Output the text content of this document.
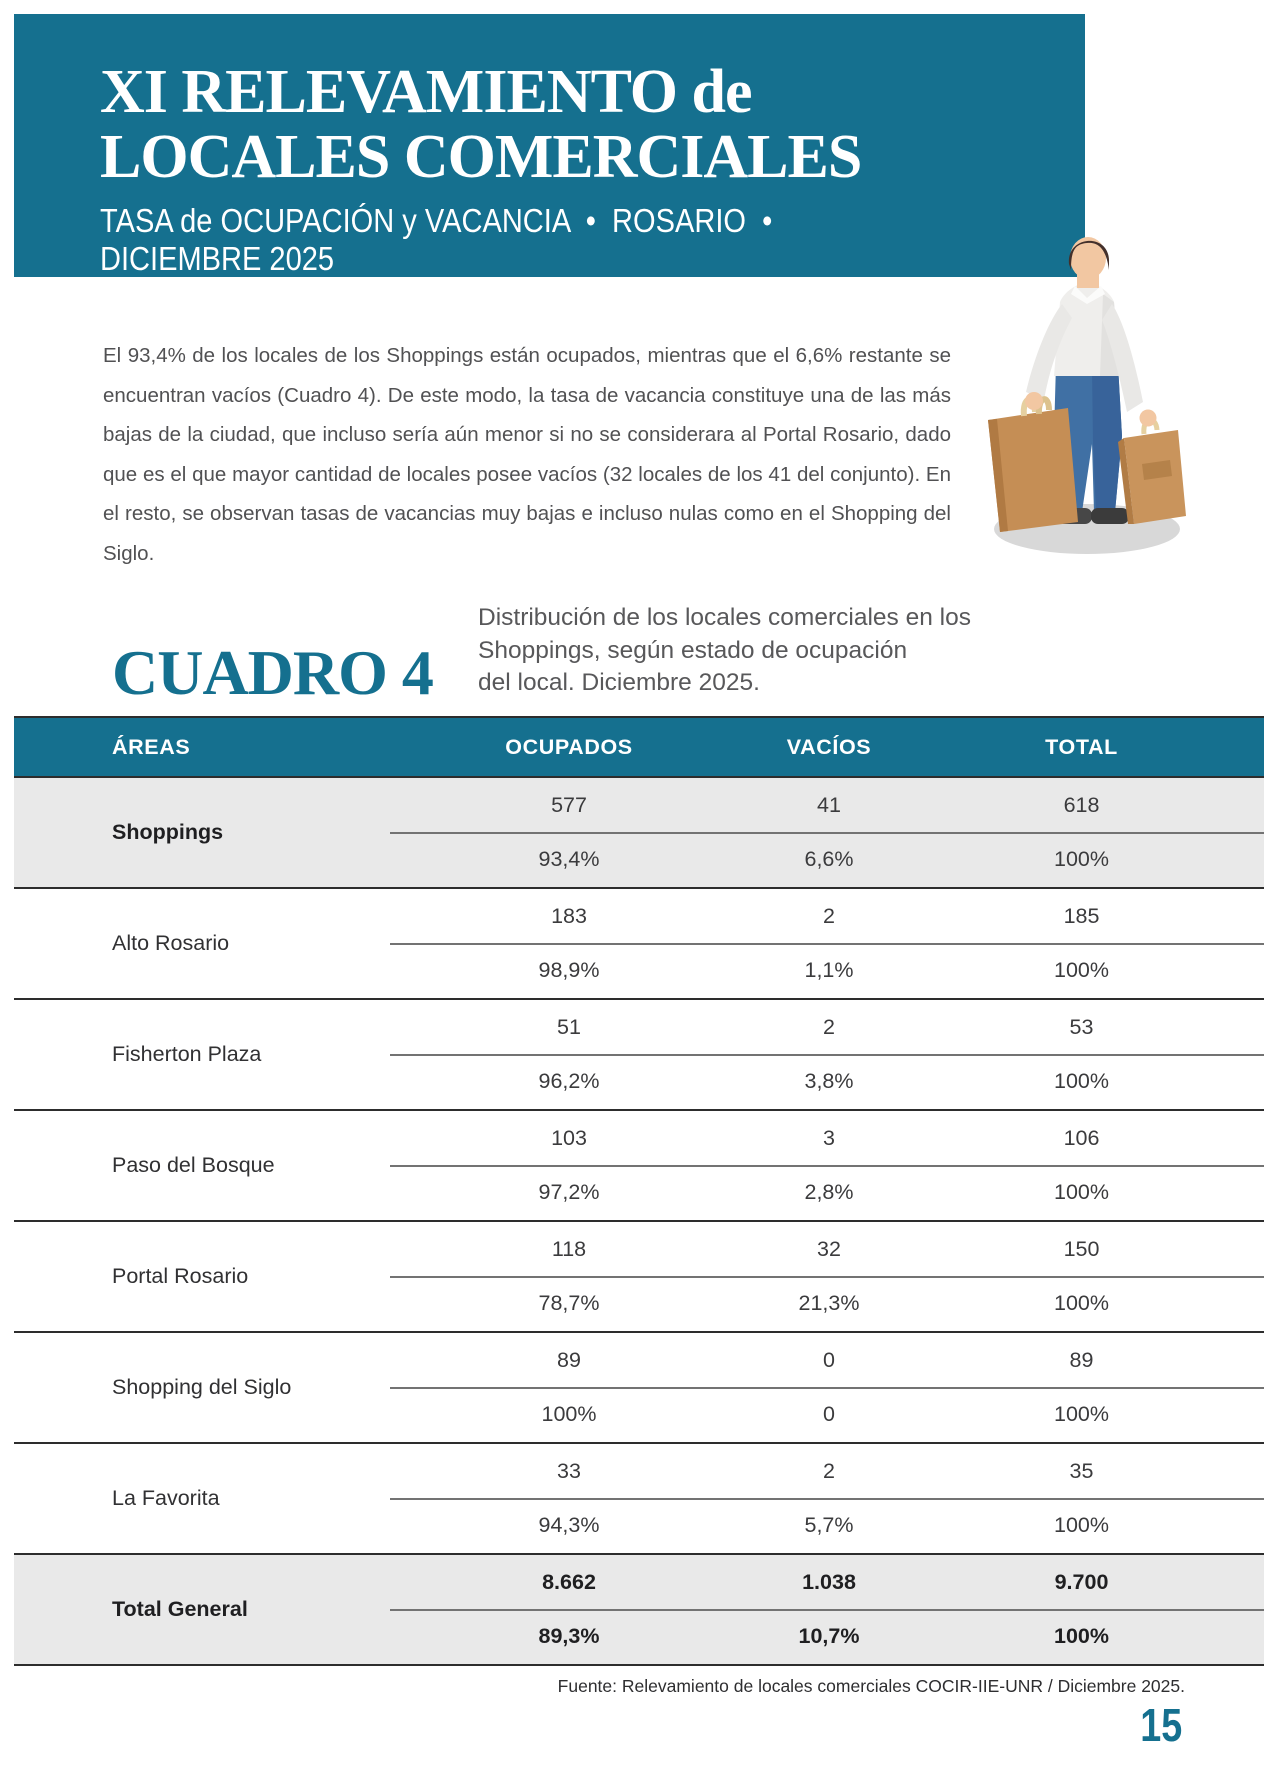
XI RELEVAMIENTO de
LOCALES COMERCIALES
TASA de OCUPACIÓN y VACANCIA  •  ROSARIO  •  DICIEMBRE 2025

El 93,4% de los locales de los Shoppings están ocupados, mientras que el 6,6% restante se encuentran vacíos (Cuadro 4). De este modo, la tasa de vacancia constituye una de las más bajas de la ciudad, que incluso sería aún menor si no se considerara al Portal Rosario, dado que es el que mayor cantidad de locales posee vacíos (32 locales de los 41 del conjunto). En el resto, se observan tasas de vacancias muy bajas e incluso nulas como en el Shopping del Siglo.

CUADRO 4
Distribución de los locales comerciales en los
Shoppings, según estado de ocupación
del local. Diciembre 2025.
ÁREAS	OCUPADOS	VACÍOS	TOTAL
Shoppings
577	41	618
93,4%	6,6%	100%
Alto Rosario
183	2	185
98,9%	1,1%	100%
Fisherton Plaza
51	2	53
96,2%	3,8%	100%
Paso del Bosque
103	3	106
97,2%	2,8%	100%
Portal Rosario
118	32	150
78,7%	21,3%	100%
Shopping del Siglo
89	0	89
100%	0	100%
La Favorita
33	2	35
94,3%	5,7%	100%
Total General
8.662	1.038	9.700
89,3%	10,7%	100%
Fuente: Relevamiento de locales comerciales COCIR-IIE-UNR / Diciembre 2025.
15
